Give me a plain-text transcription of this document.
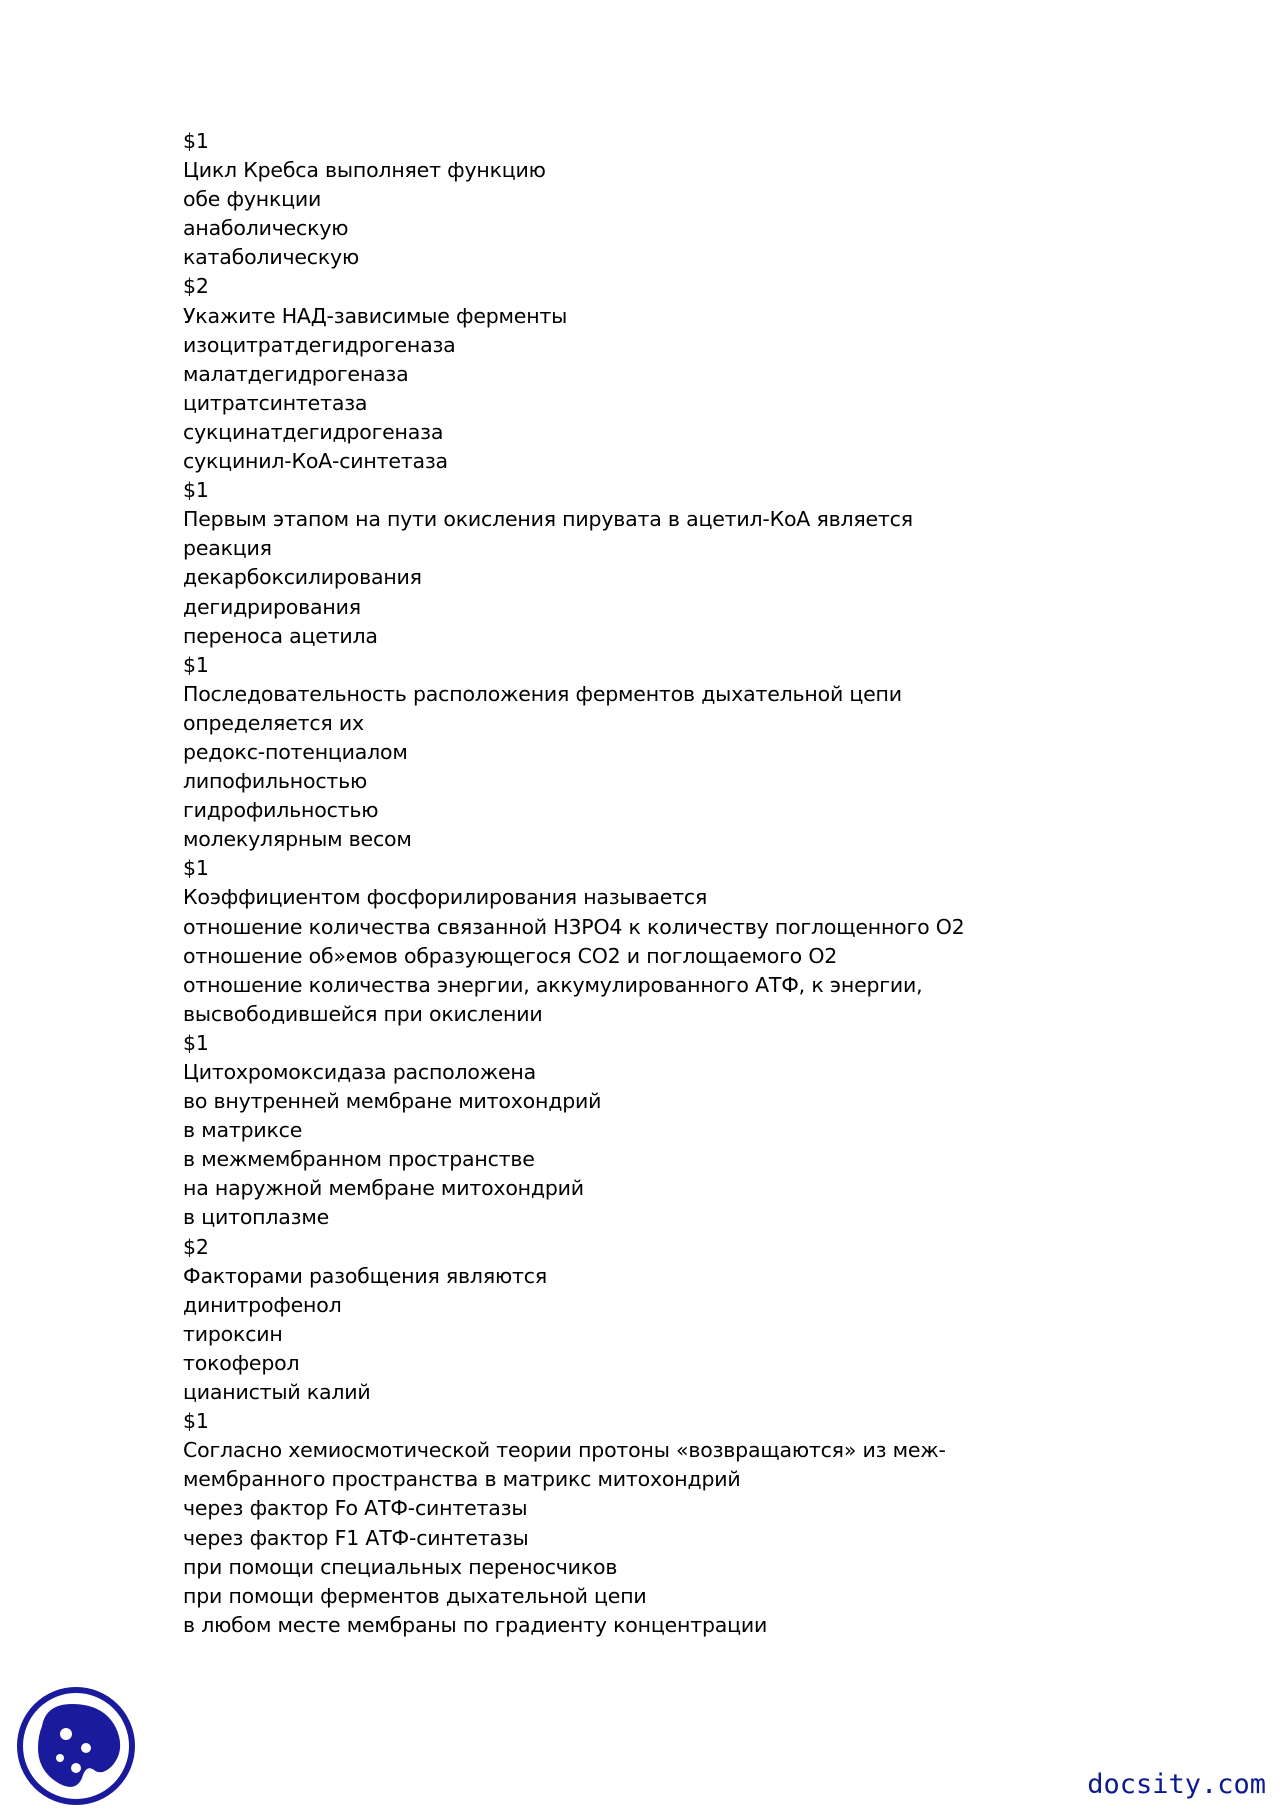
$1
Цикл Кребса выполняет функцию
обе функции
анаболическую
катаболическую
$2
Укажите НАД-зависимые ферменты
изоцитратдегидрогеназа
малатдегидрогеназа
цитратсинтетаза
сукцинатдегидрогеназа
сукцинил-КоА-синтетаза
$1
Первым этапом на пути окисления пирувата в ацетил-КоА является
реакция
декарбоксилирования
дегидрирования
переноса ацетила
$1
Последовательность расположения ферментов дыхательной цепи
определяется их
редокс-потенциалом
липофильностью
гидрофильностью
молекулярным весом
$1
Коэффициентом фосфорилирования называется
отношение количества связанной Н3РО4 к количеству поглощенного О2
отношение об»емов образующегося СО2 и поглощаемого О2
отношение количества энергии, аккумулированного АТФ, к энергии,
высвободившейся при окислении
$1
Цитохромоксидаза расположена
во внутренней мембране митохондрий
в матриксе
в межмембранном пространстве
на наружной мембране митохондрий
в цитоплазме
$2
Факторами разобщения являются
динитрофенол
тироксин
токоферол
цианистый калий
$1
Согласно хемиосмотической теории протоны «возвращаются» из меж-
мембранного пространства в матрикс митохондрий
через фактор Fo АТФ-синтетазы
через фактор F1 АТФ-синтетазы
при помощи специальных переносчиков
при помощи ферментов дыхательной цепи
в любом месте мембраны по градиенту концентрации
docsity.com
